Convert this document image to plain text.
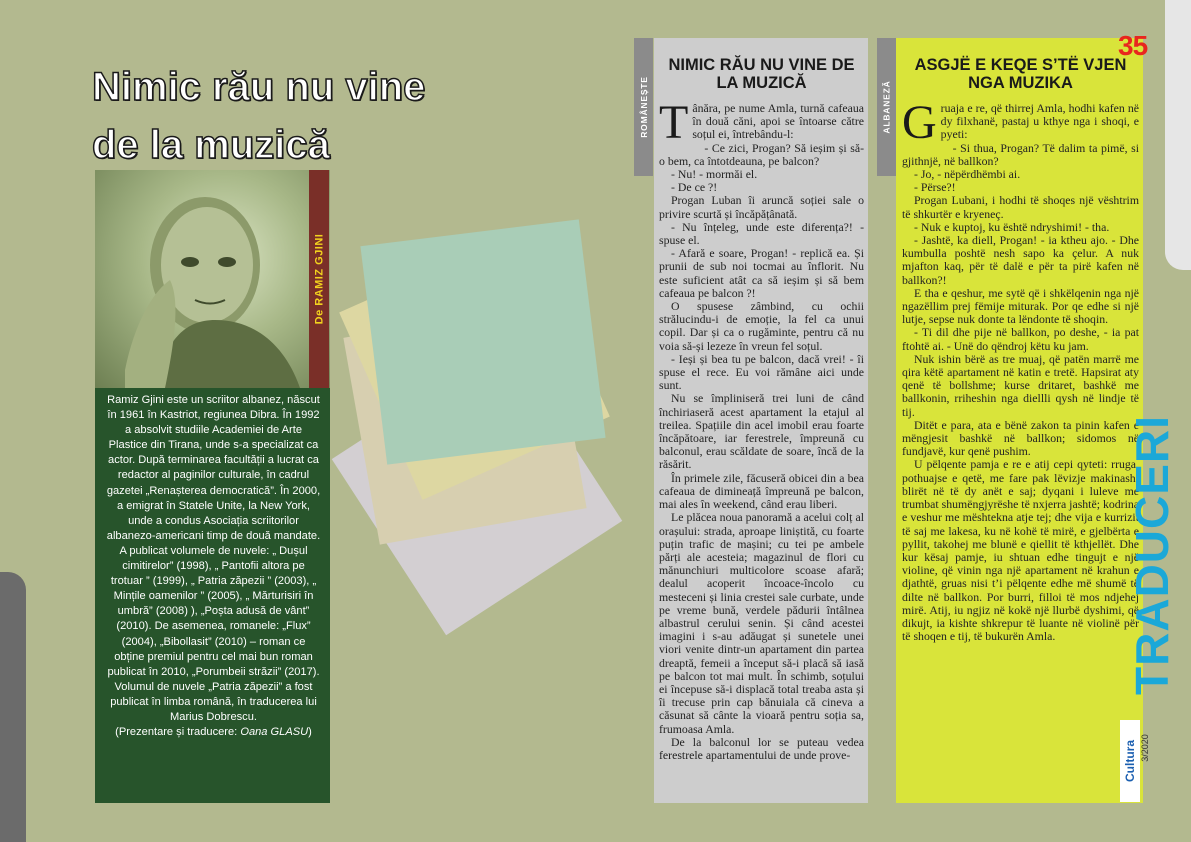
Nimic rău nu vine
de la muzică
De RAMIZ GJINI

Ramiz Gjini este un scriitor albanez, născut în 1961 în Kastriot, regiunea Dibra. În 1992 a absolvit studiile Academiei de Arte Plastice din Tirana, unde s-a specializat ca actor. După terminarea facultății a lucrat ca redactor al paginilor culturale, în cadrul gazetei „Renașterea democratică”. În 2000, a emigrat în Statele Unite, la New York, unde a condus Asociația scriitorilor albanezo-americani timp de două mandate. A publicat volumele de nuvele: „ Dușul cimitirelor” (1998), „ Pantofii altora pe trotuar ” (1999), „ Patria zăpezii ” (2003), „ Mințile oamenilor ” (2005), „ Mărturisiri în umbră” (2008) ), „Poșta adusă de vânt” (2010). De asemenea, romanele: „Flux” (2004), „Bibollasit” (2010) – roman ce obține premiul pentru cel mai bun roman publicat în 2010, „Porumbeii străzii” (2017). Volumul de nuvele „Patria zăpezii” a fost publicat în limba română, în traducerea lui Marius Dobrescu.

(Prezentare și traducere: Oana GLASU)

ROMÂNEȘTE
NIMIC RĂU NU VINE DE LA MUZICĂ

Tânăra, pe nume Amla, turnă cafeaua în două căni, apoi se întoarse către soțul ei, întrebându-l:

- Ce zici, Progan? Să ieșim și să-o bem, ca întotdeauna, pe balcon?

- Nu! - mormăi el.

- De ce ?!

Progan Luban îi aruncă soției sale o privire scurtă și încăpățânată.

- Nu înțeleg, unde este diferența?! - spuse el.

- Afară e soare, Progan! - replică ea. Și prunii de sub noi tocmai au înflorit. Nu este suficient atât ca să ieșim și să bem cafeaua pe balcon ?!

O spusese zâmbind, cu ochii strălucindu-i de emoție, la fel ca unui copil. Dar și ca o rugăminte, pentru că nu voia să-și lezeze în vreun fel soțul.

- Ieși și bea tu pe balcon, dacă vrei! - îi spuse el rece. Eu voi rămâne aici unde sunt.

Nu se împliniseră trei luni de când închiriaseră acest apartament la etajul al treilea. Spațiile din acel imobil erau foarte încăpătoare, iar ferestrele, împreună cu balconul, erau scăldate de soare, încă de la răsărit.

În primele zile, făcuseră obicei din a bea cafeaua de dimineață împreună pe balcon, mai ales în weekend, când erau liberi.

Le plăcea noua panoramă a acelui colț al orașului: strada, aproape liniștită, cu foarte puțin trafic de mașini; cu tei pe ambele părți ale acesteia; magazinul de flori cu mănunchiuri multicolore scoase afară; dealul acoperit încoace-încolo cu mesteceni și linia crestei sale curbate, unde pe vreme bună, verdele pădurii întâlnea albastrul cerului senin. Și când acestei imagini i s-au adăugat și sunetele unei viori venite dintr-un apartament din partea dreaptă, femeii a început să-i placă să iasă pe balcon tot mai mult. În schimb, soțului ei începuse să-i displacă total treaba asta și îi trecuse prin cap bănuiala că cineva a căsunat să cânte la vioară pentru soția sa, frumoasa Amla.

De la balconul lor se puteau vedea ferestrele apartamentului de unde prove-

ALBANEZĂ
ASGJË E KEQE S’TË VJEN NGA MUZIKA

Gruaja e re, që thirrej Amla, hodhi kafen në dy filxhanë, pastaj u kthye nga i shoqi, e pyeti:

- Si thua, Progan? Të dalim ta pimë, si gjithnjë, në ballkon?

- Jo, - nëpërdhëmbi ai.

- Përse?!

Progan Lubani, i hodhi të shoqes një vështrim të shkurtër e kryeneç.

- Nuk e kuptoj, ku është ndryshimi! - tha.

- Jashtë, ka diell, Progan! - ia ktheu ajo. - Dhe kumbulla poshtë nesh sapo ka çelur. A nuk mjafton kaq, për të dalë e për ta pirë kafen në ballkon?!

E tha e qeshur, me sytë që i shkëlqenin nga një ngazëllim prej fëmije miturak. Por qe edhe si një lutje, sepse nuk donte ta lëndonte të shoqin.

- Ti dil dhe pije në ballkon, po deshe, - ia pat ftohtë ai. - Unë do qëndroj këtu ku jam.

Nuk ishin bërë as tre muaj, që patën marrë me qira këtë apartament në katin e tretë. Hapsirat aty qenë të bollshme; kurse dritaret, bashkë me ballkonin, rriheshin nga diellli qysh në lindje të tij.

Ditët e para, ata e bënë zakon ta pinin kafen e mëngjesit bashkë në ballkon; sidomos në fundjavë, kur qenë pushim.

U pëlqente pamja e re e atij cepi qyteti: rruga, pothuajse e qetë, me fare pak lëvizje makinash; blirët në të dy anët e saj; dyqani i luleve me trumbat shumëngjyrëshe të nxjerra jashtë; kodrina e veshur me mështekna atje tej; dhe vija e kurrizit të saj me lakesa, ku në kohë të mirë, e gjelbërta e pyllit, takohej me blunë e qiellit të kthjellët. Dhe kur kësaj pamje, iu shtuan edhe tingujt e një violine, që vinin nga një apartament në krahun e djathtë, gruas nisi t’i pëlqente edhe më shumë të dilte në ballkon. Por burri, filloi të mos ndjehej mirë. Atij, iu ngjiz në kokë një llurbë dyshimi, që dikujt, ia kishte shkrepur të luante në violinë për të shoqen e tij, të bukurën Amla.

35
TRADUCERI
Cultura 3/2020
